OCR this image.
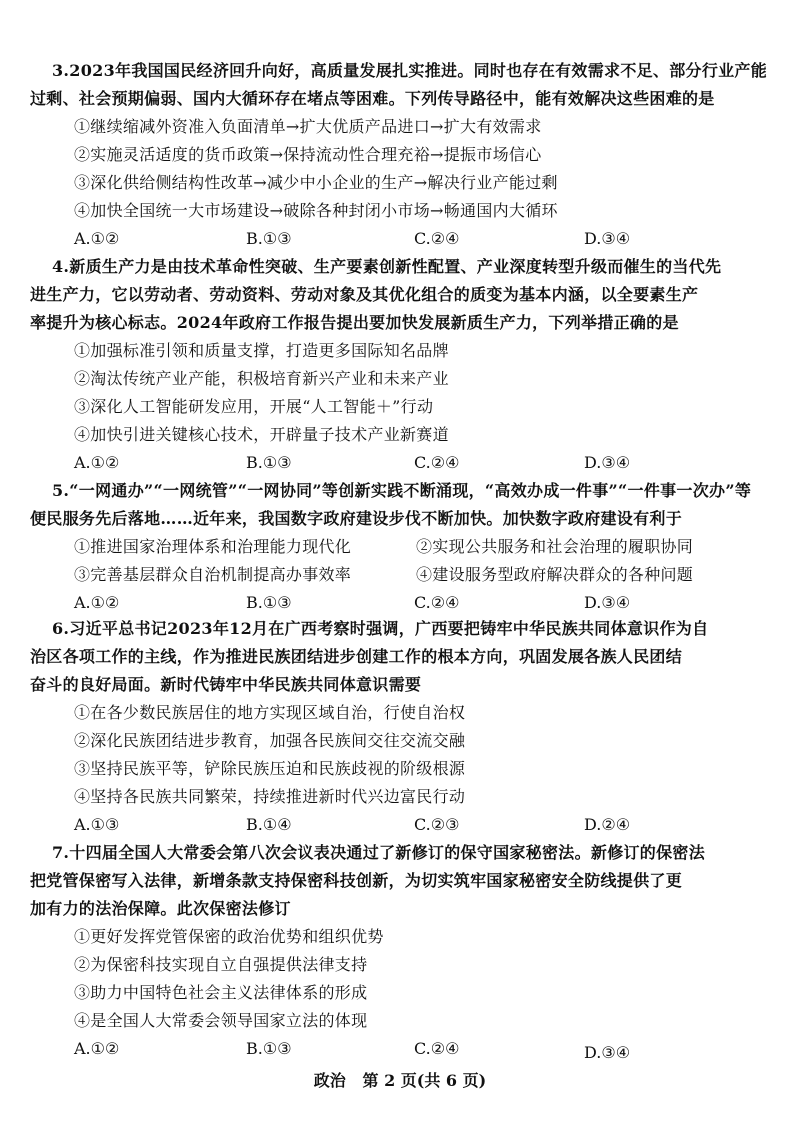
3.2023年我国国民经济回升向好，高质量发展扎实推进。同时也存在有效需求不足、部分行业产能
过剩、社会预期偏弱、国内大循环存在堵点等困难。下列传导路径中，能有效解决这些困难的是
①继续缩减外资准入负面清单→扩大优质产品进口→扩大有效需求
②实施灵活适度的货币政策→保持流动性合理充裕→提振市场信心
③深化供给侧结构性改革→减少中小企业的生产→解决行业产能过剩
④加快全国统一大市场建设→破除各种封闭小市场→畅通国内大循环
A.①②	B.①③	C.②④	D.③④
4.新质生产力是由技术革命性突破、生产要素创新性配置、产业深度转型升级而催生的当代先
进生产力，它以劳动者、劳动资料、劳动对象及其优化组合的质变为基本内涵，以全要素生产
率提升为核心标志。2024年政府工作报告提出要加快发展新质生产力，下列举措正确的是
①加强标准引领和质量支撑，打造更多国际知名品牌
②淘汰传统产业产能，积极培育新兴产业和未来产业
③深化人工智能研发应用，开展“人工智能＋”行动
④加快引进关键核心技术，开辟量子技术产业新赛道
A.①②	B.①③	C.②④	D.③④
5.“一网通办”“一网统管”“一网协同”等创新实践不断涌现，“高效办成一件事”“一件事一次办”等
便民服务先后落地……近年来，我国数字政府建设步伐不断加快。加快数字政府建设有利于
①推进国家治理体系和治理能力现代化	②实现公共服务和社会治理的履职协同
③完善基层群众自治机制提高办事效率	④建设服务型政府解决群众的各种问题
A.①②	B.①③	C.②④	D.③④
6.习近平总书记2023年12月在广西考察时强调，广西要把铸牢中华民族共同体意识作为自
治区各项工作的主线，作为推进民族团结进步创建工作的根本方向，巩固发展各族人民团结
奋斗的良好局面。新时代铸牢中华民族共同体意识需要
①在各少数民族居住的地方实现区域自治，行使自治权
②深化民族团结进步教育，加强各民族间交往交流交融
③坚持民族平等，铲除民族压迫和民族歧视的阶级根源
④坚持各民族共同繁荣，持续推进新时代兴边富民行动
A.①③	B.①④	C.②③	D.②④
7.十四届全国人大常委会第八次会议表决通过了新修订的保守国家秘密法。新修订的保密法
把党管保密写入法律，新增条款支持保密科技创新，为切实筑牢国家秘密安全防线提供了更
加有力的法治保障。此次保密法修订
①更好发挥党管保密的政治优势和组织优势
②为保密科技实现自立自强提供法律支持
③助力中国特色社会主义法律体系的形成
④是全国人大常委会领导国家立法的体现
A.①②	B.①③	C.②④	D.③④
政治 第 2 页(共 6 页)
